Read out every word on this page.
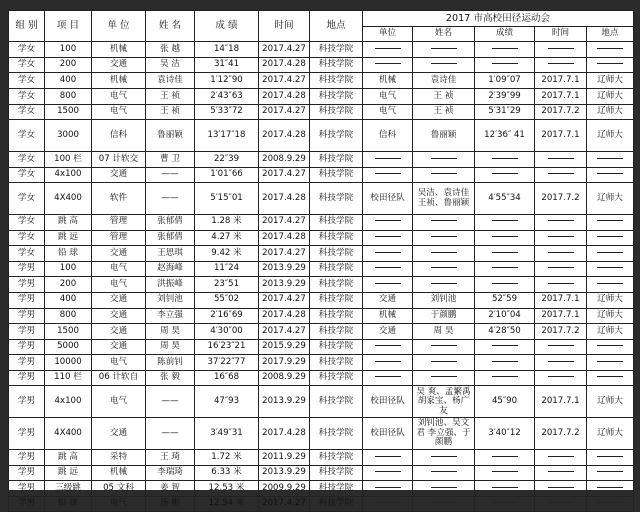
组 别	项 目	单 位	姓 名	成 绩	时间	地点	2017 市高校田径运动会				
							单位	姓名	成绩	时间	地点
学女	100	机械	张 越	14″18	2017.4.27	科技学院					
学女	200	交通	吴 洁	31″41	2017.4.28	科技学院					
学女	400	机械	袁诗佳	1′12″90	2017.4.27	科技学院	机械	袁诗佳	1′09″07	2017.7.1	辽师大
学女	800	电气	王 祯	2′43″63	2017.4.28	科技学院	电气	王 祯	2′39″99	2017.7.1	辽师大
学女	1500	电气	王 祯	5′33″72	2017.4.27	科技学院	电气	王 祯	5′31″29	2017.7.2	辽师大
学女	3000	信科	鲁丽颖	13′17″18	2017.4.28	科技学院	信科	鲁丽颖	12′36″ 41	2017.7.1	辽师大
学女	100 栏	07 计软交	曹 卫	22″39	2008.9.29	科技学院					
学女	4x100	交通	——	1′01″66	2017.4.27	科技学院					
学女	4X400	软件	——	5′15″01	2017.4.28	科技学院	校田径队	吴洁、袁诗佳 王祯、鲁丽颖	4′55″34	2017.7.2	辽师大
学女	跳 高	管理	张郁倩	1.28 米	2017.4.27	科技学院					
学女	跳 远	管理	张郁倩	4.27 米	2017.4.28	科技学院					
学女	铅 球	交通	王思琪	9.42 米	2017.4.27	科技学院					
学男	100	电气	赵海峰	11″24	2013.9.29	科技学院					
学男	200	电气	洪振峰	23″51	2013.9.29	科技学院					
学男	400	交通	刘钊池	55″02	2017.4.27	科技学院	交通	刘钊池	52″59	2017.7.1	辽师大
学男	800	交通	李立强	2′16″69	2017.4.28	科技学院	机械	于颜鹏	2′10″04	2017.7.1	辽师大
学男	1500	交通	周 昊	4′30″00	2017.4.27	科技学院	交通	周 昊	4′28″50	2017.7.2	辽师大
学男	5000	交通	周 昊	16′23″21	2015.9.29	科技学院					
学男	10000	电气	陈前钊	37′22″77	2017.9.29	科技学院					
学男	110 栏	06 计软自	张 毅	16″68	2008.9.29	科技学院					
学男	4x100	电气	——	47″93	2013.9.29	科技学院	校田径队	吴 爽、孟繁禹 胡家宝、杨广友	45″90	2017.7.1	辽师大
学男	4X400	交通	——	3′49″31	2017.4.28	科技学院	校田径队	刘钊池、吴文君 李立强、于颜鹏	3′40″12	2017.7.2	辽师大
学男	跳 高	采特	王 琦	1.72 米	2011.9.29	科技学院					
学男	跳 远	机械	李瑞琦	6.33 米	2013.9.29	科技学院					
学男	三级跳	05 文科	姜 智	12.53 米	2009.9.29	科技学院					
学男	铅 球	电气	汤 彬	12.54 米	2017.4.27	科技学院					
